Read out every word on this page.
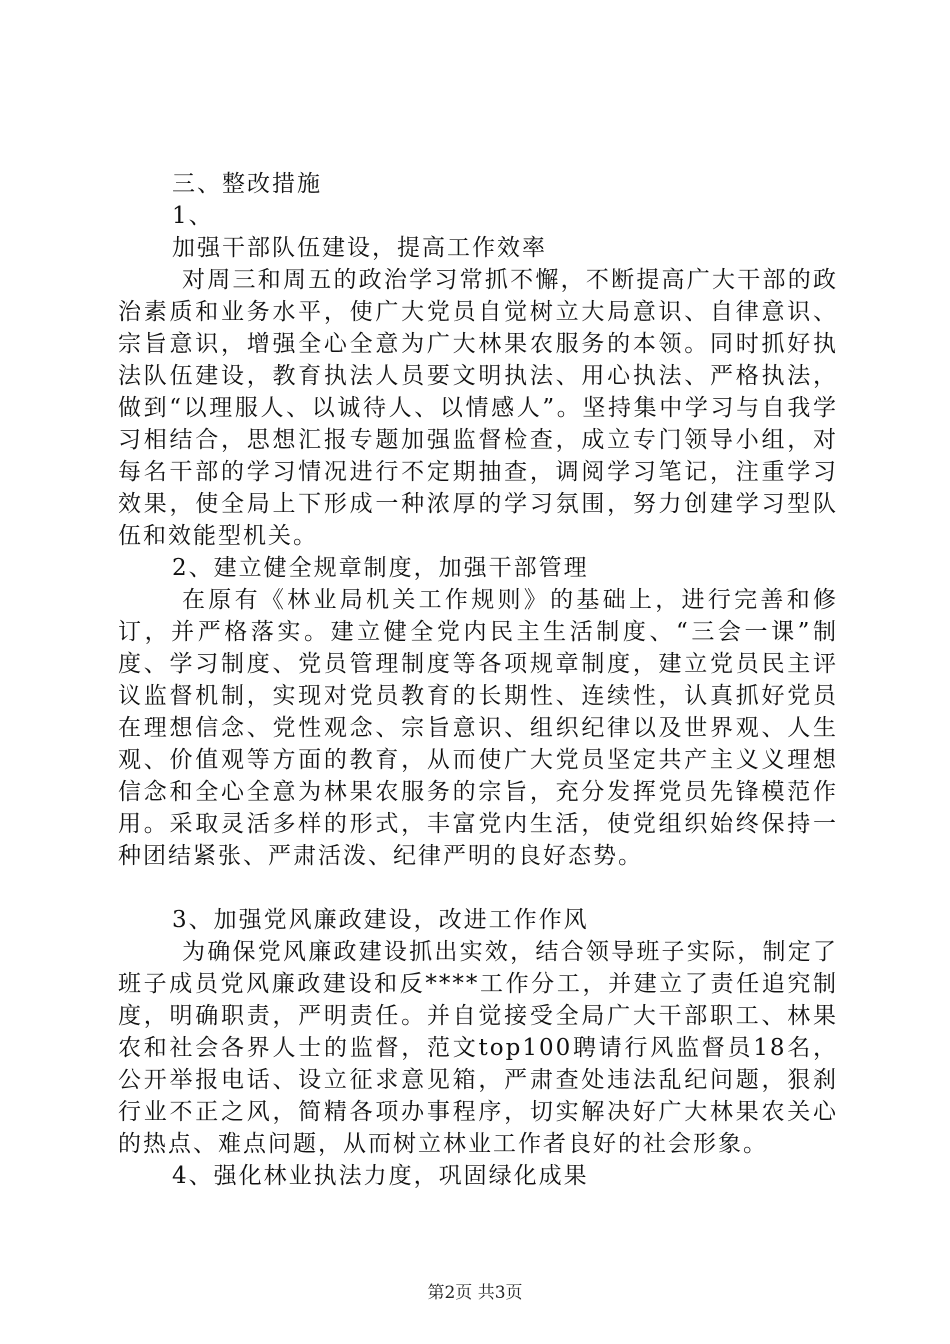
三、整改措施

1、

加强干部队伍建设，提高工作效率

对周三和周五的政治学习常抓不懈，不断提高广大干部的政治素质和业务水平，使广大党员自觉树立大局意识、自律意识、宗旨意识，增强全心全意为广大林果农服务的本领。同时抓好执法队伍建设，教育执法人员要文明执法、用心执法、严格执法，做到“以理服人、以诚待人、以情感人”。坚持集中学习与自我学习相结合，思想汇报专题加强监督检查，成立专门领导小组，对每名干部的学习情况进行不定期抽查，调阅学习笔记，注重学习效果，使全局上下形成一种浓厚的学习氛围，努力创建学习型队伍和效能型机关。

2、建立健全规章制度，加强干部管理

在原有《林业局机关工作规则》的基础上，进行完善和修订，并严格落实。建立健全党内民主生活制度、“三会一课”制度、学习制度、党员管理制度等各项规章制度，建立党员民主评议监督机制，实现对党员教育的长期性、连续性，认真抓好党员在理想信念、党性观念、宗旨意识、组织纪律以及世界观、人生观、价值观等方面的教育，从而使广大党员坚定共产主义义理想信念和全心全意为林果农服务的宗旨，充分发挥党员先锋模范作用。采取灵活多样的形式，丰富党内生活，使党组织始终保持一种团结紧张、严肃活泼、纪律严明的良好态势。

3、加强党风廉政建设，改进工作作风

为确保党风廉政建设抓出实效，结合领导班子实际，制定了班子成员党风廉政建设和反****工作分工，并建立了责任追究制度，明确职责，严明责任。并自觉接受全局广大干部职工、林果农和社会各界人士的监督，范文top100聘请行风监督员18名，公开举报电话、设立征求意见箱，严肃查处违法乱纪问题，狠刹行业不正之风，简精各项办事程序，切实解决好广大林果农关心的热点、难点问题，从而树立林业工作者良好的社会形象。

4、强化林业执法力度，巩固绿化成果

第2页 共3页
